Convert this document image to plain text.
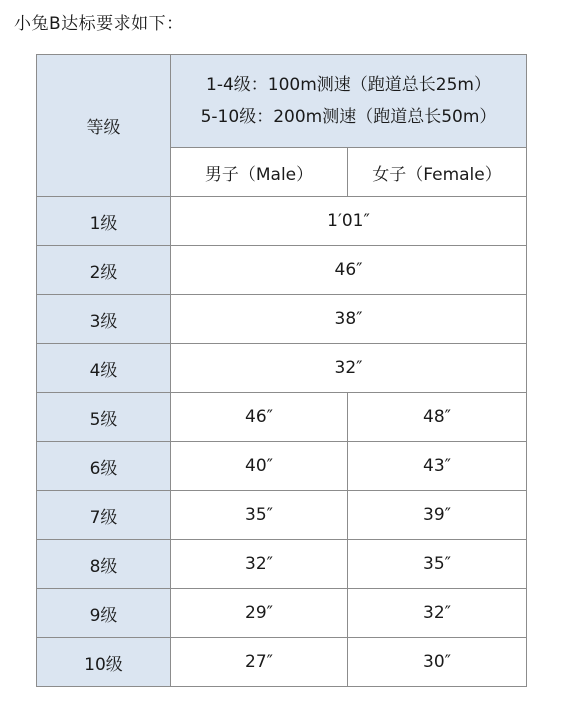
小兔B达标要求如下：
等级	1-4级：100m测速（跑道总长25m）
5-10级：200m测速（跑道总长50m）	

	男子（Male）	女子（Female）
1级	1′01″	
2级	46″	
3级	38″	
4级	32″	
5级	46″	48″
6级	40″	43″
7级	35″	39″
8级	32″	35″
9级	29″	32″
10级	27″	30″
